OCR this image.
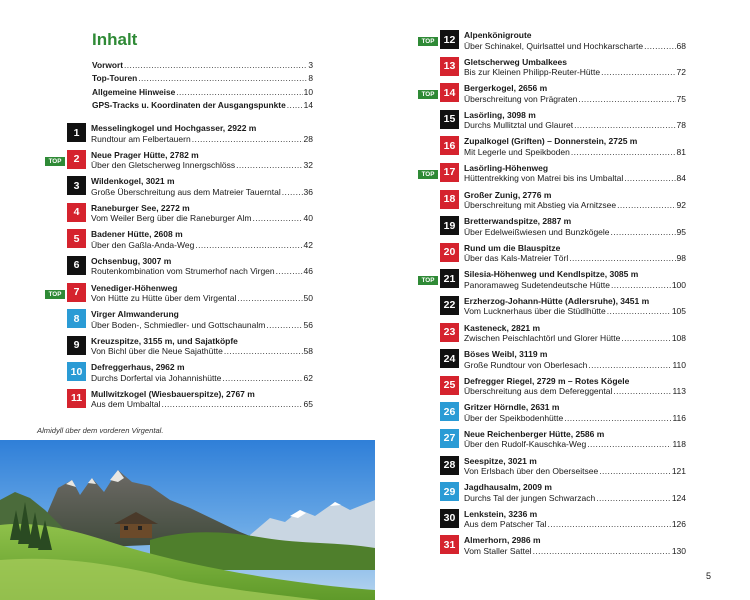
Inhalt
Vorwort .....	3
Top-Touren .....	8
Allgemeine Hinweise .....	10
GPS-Tracks u. Koordinaten der Ausgangspunkte ..... 14
1	Messelingkogel und Hochgasser, 2922 m
Rundtour am Felbertauern .....	28
TOP	2	Neue Prager Hütte, 2782 m
Über den Gletscherweg Innergschlöss .....	32
3	Wildenkogel, 3021 m
Große Überschreitung aus dem Matreier Tauerntal .....	36
4	Raneburger See, 2272 m
Vom Weiler Berg über die Raneburger Alm .....	40
5	Badener Hütte, 2608 m
Über den Gaßla-Anda-Weg .....	42
6	Ochsenbug, 3007 m
Routenkombination vom Strumerhof nach Virgen .....	46
TOP	7	Venediger-Höhenweg
Von Hütte zu Hütte über dem Virgental .....	50
8	Virger Almwanderung
Über Boden-, Schmiedler- und Gottschaunalm .....	56
9	Kreuzspitze, 3155 m, und Sajatköpfe
Von Bichl über die Neue Sajathütte .....	58
10	Defreggerhaus, 2962 m
Durchs Dorfertal via Johannishütte .....	62
11	Mullwitzkogel (Wiesbauerspitze), 2767 m
Aus dem Umbaltal .....	65
TOP 12	Alpenkönigroute
Über Schinakel, Quirlsattel und Hochkarscharte .....	68
13	Gletscherweg Umbalkees
Bis zur Kleinen Philipp-Reuter-Hütte .....	72
TOP 14	Bergerkogel, 2656 m
Überschreitung von Prägraten .....	75
15	Lasörling, 3098 m
Durchs Mullitztal und Glauret .....	78
16	Zupalkogel (Griften) – Donnerstein, 2725 m
Mit Legerle und Speikboden .....	81
TOP 17	Lasörling-Höhenweg
Hüttentrekking von Matrei bis ins Umbaltal .....	84
18	Großer Zunig, 2776 m
Überschreitung mit Abstieg via Arnitzsee .....	92
19	Bretterwandspitze, 2887 m
Über Edelweißwiesen und Bunzkögele .....	95
20	Rund um die Blauspitze
Über das Kals-Matreier Törl .....	98
TOP 21	Silesia-Höhenweg und Kendlspitze, 3085 m
Panoramaweg Sudetendeutsche Hütte .....	100
22	Erzherzog-Johann-Hütte (Adlersruhe), 3451 m
Vom Lucknerhaus über die Stüdlhütte .....	105
23	Kasteneck, 2821 m
Zwischen Peischlachtörl und Glorer Hütte .....	108
24	Böses Weibl, 3119 m
Große Rundtour von Oberlesach .....	110
25	Defregger Riegel, 2729 m – Rotes Kögele
Überschreitung aus dem Defereggental .....	113
26	Gritzer Hörndle, 2631 m
Über der Speikbodenhütte .....	116
27	Neue Reichenberger Hütte, 2586 m
Über den Rudolf-Kauschka-Weg .....	118
28	Seespitze, 3021 m
Von Erlsbach über den Oberseitsee .....	121
29	Jagdhausalm, 2009 m
Durchs Tal der jungen Schwarzach .....	124
30	Lenkstein, 3236 m
Aus dem Patscher Tal .....	126
31	Almerhorn, 2986 m
Vom Staller Sattel .....	130
Almidyll über dem vorderen Virgental.
5
